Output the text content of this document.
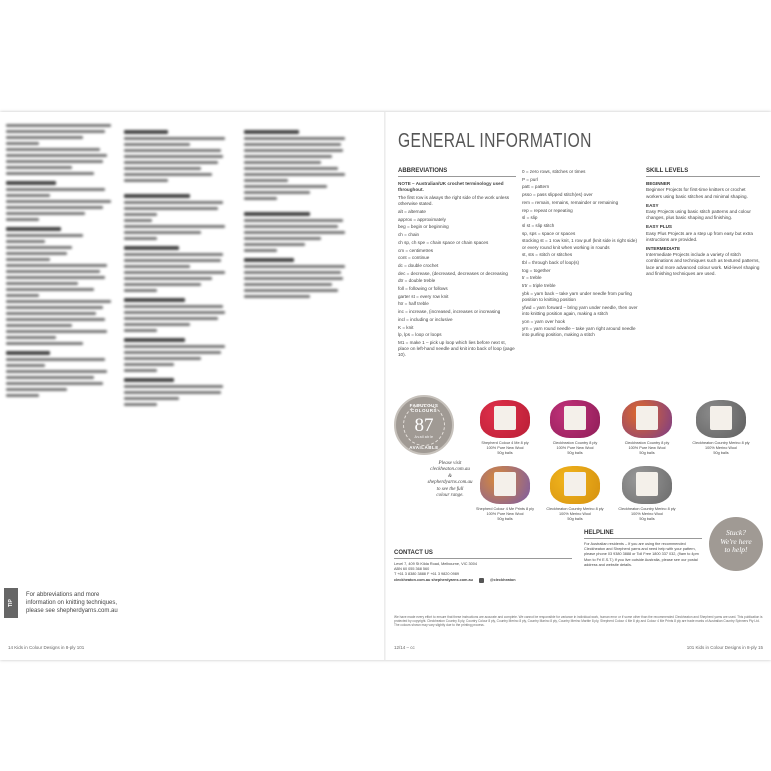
TIP
For abbreviations and more
information on knitting techniques,
please see shepherdyarns.com.au
14 Kids in Colour Designs in 8-ply 101
GENERAL INFORMATION
ABBREVIATIONS

NOTE – Australian/UK crochet terminology used throughout.

The first row is always the right side of the work unless otherwise stated.

alt = alternate

approx = approximately

beg = begin or beginning

ch = chain

ch sp, ch spe = chain space or chain spaces

cm = centimetres

cont = continue

dc = double crochet

dec = decrease, (decreased, decreases or decreasing

dtr = double treble

foll = following or follows

garter st = every row knit

htr = half treble

inc = increase, (increased, increases or increasing

incl = including or inclusive

K = knit

lp, lps = loop or loops

M1 = make 1 – pick up loop which lies before next st, place on left-hand needle and knit into back of loop (page 10).

0 = zero rows, stitches or times

P = purl

patt = pattern

psso = pass slipped stitch(es) over

rem = remain, remains, remainder or remaining

rep = repeat or repeating

sl = slip

sl st = slip stitch

sp, sps = space or spaces

stocking st = 1 row knit, 1 row purl (knit side is right side) or every round knit when working in rounds

st, sts = stitch or stitches

tbl = through back of loop(s)

tog = together

tr = treble

trtr = triple treble

ybk = yarn back – take yarn under needle from purling position to knitting position

yfwd = yarn forward – bring yarn under needle, then over into knitting position again, making a stitch

yon = yarn over hook

yrn = yarn round needle – take yarn right around needle into purling position, making a stitch

SKILL LEVELS
BEGINNER

Beginner Projects for first-time knitters or crochet workers using basic stitches and minimal shaping.

EASY

Easy Projects using basic stitch patterns and colour changes, plus basic shaping and finishing.

EASY PLUS

Easy Plus Projects are a step up from easy but extra instructions are provided.

INTERMEDIATE

Intermediate Projects include a variety of stitch combinations and techniques such as textured patterns, lace and more advanced colour work. Mid-level shaping and finishing techniques are used.

FABULOUS COLOURS
87
Available
AVAILABLE
Please visit
cleckheaton.com.au
&
shepherdyarns.com.au
to see the full
colour range.
Shepherd Colour 4 Me 8 ply
100% Pure New Wool
50g balls
Cleckheaton Country 8 ply
100% Pure New Wool
50g balls
Cleckheaton Country 8 ply
100% Pure New Wool
50g balls
Cleckheaton Country Merino 8 ply
100% Merino Wool
50g balls
Shepherd Colour 4 Me Prints 8 ply
100% Pure New Wool
50g balls
Cleckheaton Country Merino 8 ply
100% Merino Wool
50g balls
Cleckheaton Country Merino 8 ply
100% Merino Wool
50g balls
Stuck?
We're here
to help!
CONTACT US
Level 7, 409 St Kilda Road, Melbourne, VIC 3004
ABN 60 055 368 560
T +61 3 8380 3888 F +61 3 9820 0989
cleckheaton.com.au shepherdyarns.com.au	@cleckheaton
HELPLINE
For Australian residents – If you are using the recommended Cleckheaton and Shepherd yarns and need help with your pattern, please phone 03 9380 3888 or Toll Free 1800 337 032, (9am to 4pm Mon to Fri E.S.T.) If you live outside Australia, please see our postal address and website details.
We have made every effort to ensure that these instructions are accurate and complete. We cannot be responsible for variance in individual work, human error or if some other than the recommended Cleckheaton and Shepherd yarns are used. This publication is protected by copyright. Cleckheaton Country 8 ply, Country Colour 8 ply, Country Merino 8 ply, Country Marino 8 ply, Country Merino Marble 8 ply, Shepherd Colour 4 Me 8 ply and Colour 4 Me Prints 8 ply are trade marks of Australian Country Spinners Pty Ltd. The colours shown may vary slightly due to the printing process.
12/14 – cc	101 Kids in Colour Designs in 8-ply 15
